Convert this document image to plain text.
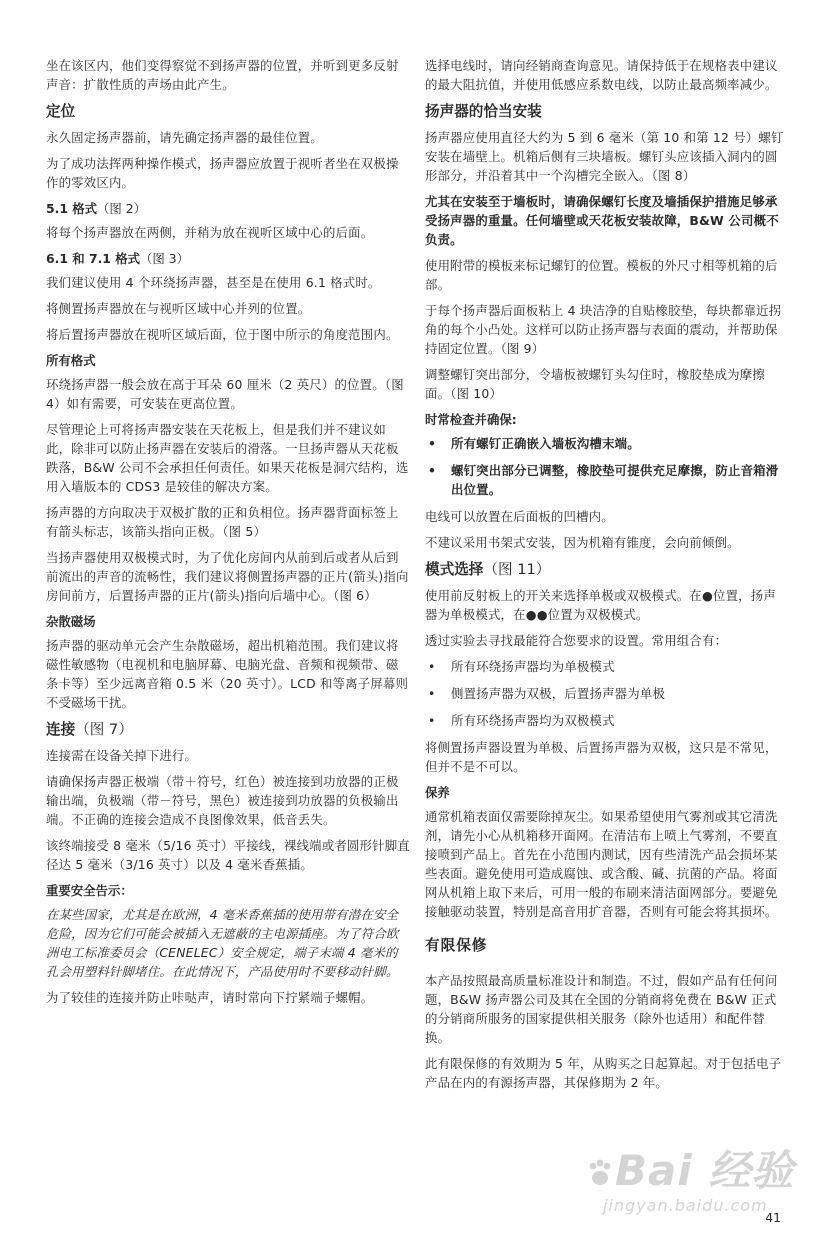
坐在该区内，他们变得察觉不到扬声器的位置，并听到更多反射声音：扩散性质的声场由此产生。

定位

永久固定扬声器前，请先确定扬声器的最佳位置。

为了成功法挥两种操作模式，扬声器应放置于视听者坐在双极操作的零效区内。

5.1 格式（图 2）

将每个扬声器放在两侧，并稍为放在视听区域中心的后面。

6.1 和 7.1 格式（图 3）

我们建议使用 4 个环绕扬声器，甚至是在使用 6.1 格式时。

将侧置扬声器放在与视听区域中心并列的位置。

将后置扬声器放在视听区域后面，位于图中所示的角度范围内。

所有格式

环绕扬声器一般会放在高于耳朵 60 厘米（2 英尺）的位置。（图 4）如有需要，可安装在更高位置。

尽管理论上可将扬声器安装在天花板上，但是我们并不建议如此，除非可以防止扬声器在安装后的滑落。一旦扬声器从天花板跌落，B&W 公司不会承担任何责任。如果天花板是洞穴结构，选用入墙版本的 CDS3 是较佳的解决方案。

扬声器的方向取决于双极扩散的正和负相位。扬声器背面标签上有箭头标志，该箭头指向正极。（图 5）

当扬声器使用双极模式时，为了优化房间内从前到后或者从后到前流出的声音的流畅性，我们建议将侧置扬声器的正片(箭头)指向房间前方，后置扬声器的正片(箭头)指向后墙中心。（图 6）

杂散磁场

扬声器的驱动单元会产生杂散磁场，超出机箱范围。我们建议将磁性敏感物（电视机和电脑屏幕、电脑光盘、音频和视频带、磁条卡等）至少远离音箱 0.5 米（20 英寸）。LCD 和等离子屏幕则不受磁场干扰。

连接（图 7）

连接需在设备关掉下进行。

请确保扬声器正极端（带＋符号，红色）被连接到功放器的正极输出端，负极端（带－符号，黑色）被连接到功放器的负极输出端。不正确的连接会造成不良图像效果，低音丢失。

该终端接受 8 毫米（5/16 英寸）平接线，裸线端或者圆形针脚直径达 5 毫米（3/16 英寸）以及 4 毫米香蕉插。

重要安全告示：

在某些国家，尤其是在欧洲，4 毫米香蕉插的使用带有潜在安全危险，因为它们可能会被插入无遮蔽的主电源插座。为了符合欧洲电工标准委员会（CENELEC）安全规定，端子末端 4 毫米的孔会用塑料针脚堵住。在此情况下，产品使用时不要移动针脚。

为了较佳的连接并防止咔哒声，请时常向下拧紧端子螺帽。

选择电线时，请向经销商查询意见。请保持低于在规格表中建议的最大阻抗值，并使用低感应系数电线，以防止最高频率减少。

扬声器的恰当安装

扬声器应使用直径大约为 5 到 6 毫米（第 10 和第 12 号）螺钉安装在墙壁上。机箱后侧有三块墙板。螺钉头应该插入洞内的圆形部分，并沿着其中一个沟槽完全嵌入。（图 8）

尤其在安装至于墙板时，请确保螺钉长度及墙插保护措施足够承受扬声器的重量。任何墙壁或天花板安装故障，B&W 公司概不负责。

使用附带的模板来标记螺钉的位置。模板的外尺寸相等机箱的后部。

于每个扬声器后面板粘上 4 块洁净的自贴橡胶垫，每块都靠近拐角的每个小凸处。这样可以防止扬声器与表面的震动，并帮助保持固定位置。（图 9）

调整螺钉突出部分，令墙板被螺钉头勾住时，橡胶垫成为摩擦面。（图 10）

时常检查并确保:
• 所有螺钉正确嵌入墙板沟槽末端。
• 螺钉突出部分已调整，橡胶垫可提供充足摩擦，防止音箱滑出位置。

电线可以放置在后面板的凹槽内。

不建议采用书架式安装，因为机箱有锥度，会向前倾倒。

模式选择（图 11）

使用前反射板上的开关来选择单极或双极模式。在●位置，扬声器为单极模式，在●●位置为双极模式。

透过实验去寻找最能符合您要求的设置。常用组合有：

• 所有环绕扬声器均为单极模式
• 侧置扬声器为双极，后置扬声器为单极
• 所有环绕扬声器均为双极模式

将侧置扬声器设置为单极、后置扬声器为双极，这只是不常见，但并不是不可以。

保养

通常机箱表面仅需要除掉灰尘。如果希望使用气雾剂或其它清洗剂，请先小心从机箱移开面网。在清洁布上喷上气雾剂，不要直接喷到产品上。首先在小范围内测试，因有些清洗产品会损坏某些表面。避免使用可造成腐蚀、或含酸、碱、抗菌的产品。将面网从机箱上取下来后，可用一般的布刷来清洁面网部分。要避免接触驱动装置，特别是高音用扩音器，否则有可能会将其损坏。

有限保修

本产品按照最高质量标准设计和制造。不过，假如产品有任何问题，B&W 扬声器公司及其在全国的分销商将免费在 B&W 正式的分销商所服务的国家提供相关服务（除外也适用）和配件替换。

此有限保修的有效期为 5 年，从购买之日起算起。对于包括电子产品在内的有源扬声器，其保修期为 2 年。

41
Bai 经验
jingyan.baidu.com
